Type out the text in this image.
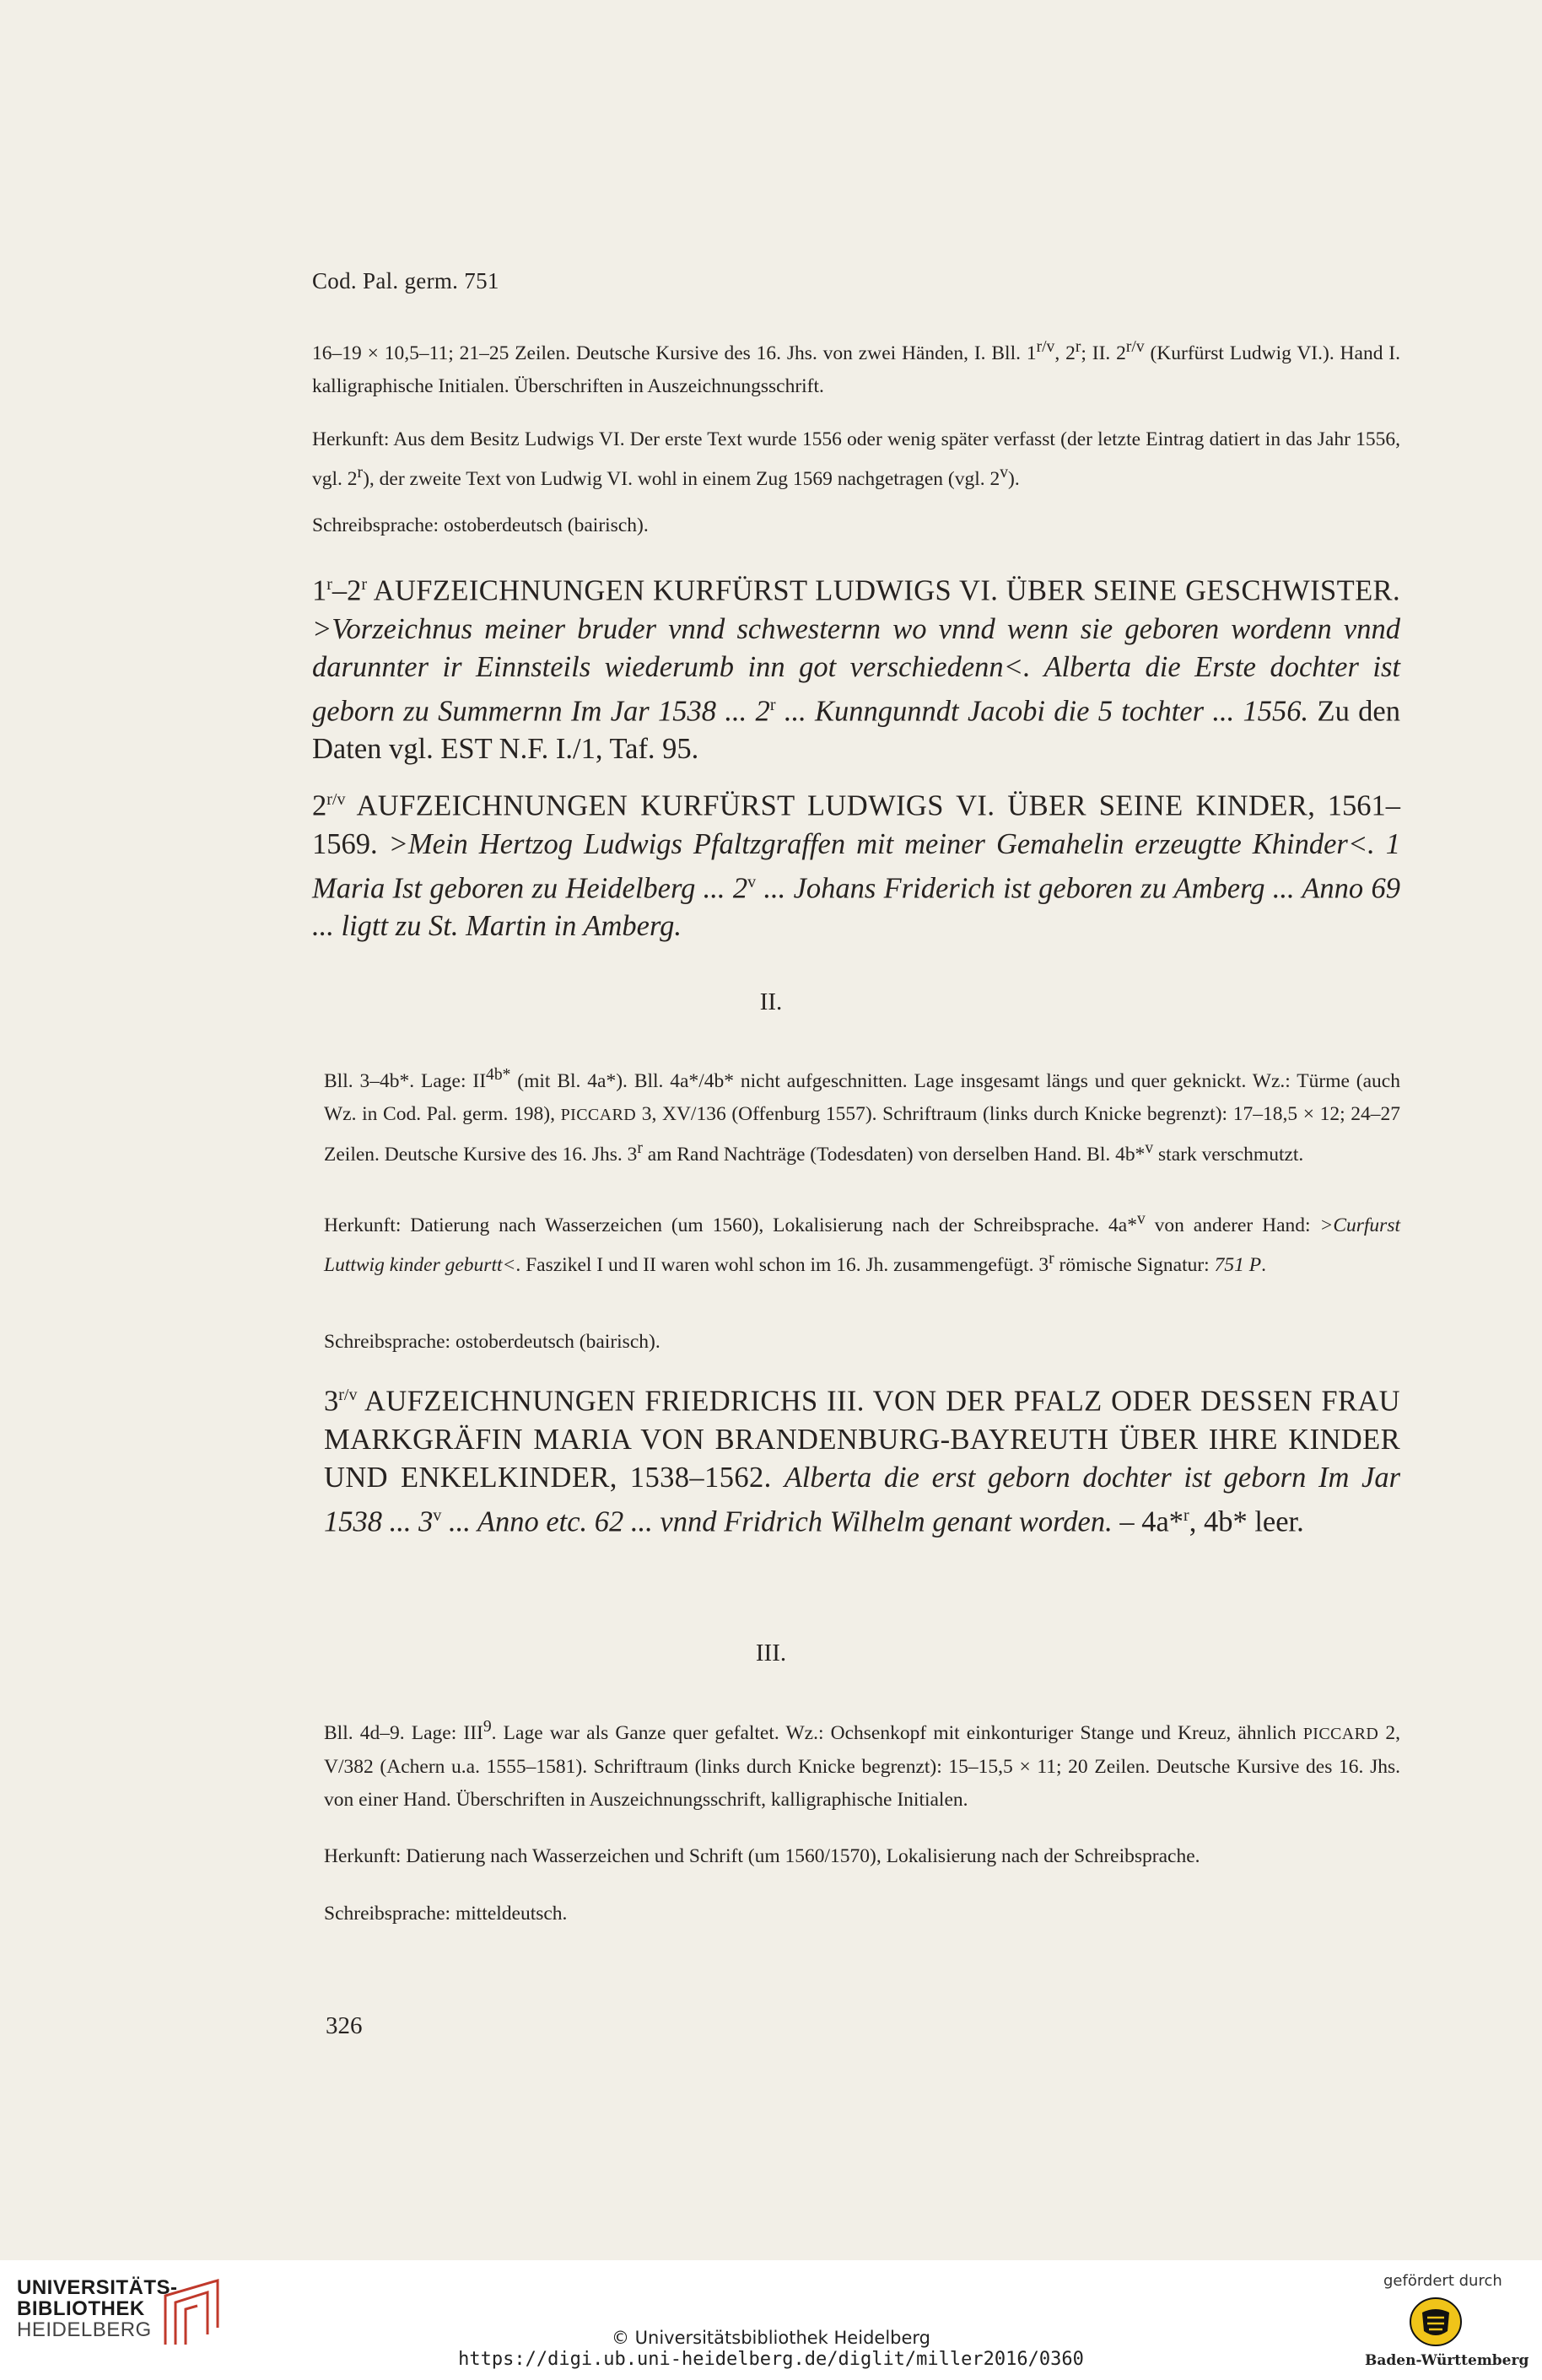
Cod. Pal. germ. 751
16–19 × 10,5–11; 21–25 Zeilen. Deutsche Kursive des 16. Jhs. von zwei Händen, I. Bll. $1^{r/v}$, 2$^r$; II. $2^{r/v}$ (Kurfürst Ludwig VI.). Hand I. kalligraphische Initialen. Überschriften in Auszeichnungsschrift.
Herkunft: Aus dem Besitz Ludwigs VI. Der erste Text wurde 1556 oder wenig später verfasst (der letzte Eintrag datiert in das Jahr 1556, vgl. 2$^r$), der zweite Text von Ludwig VI. wohl in einem Zug 1569 nachgetragen (vgl. 2$^v$).
Schreibsprache: ostoberdeutsch (bairisch).
1$^r$–2$^r$ AUFZEICHNUNGEN KURFÜRST LUDWIGS VI. ÜBER SEINE GESCHWISTER. >Vorzeichnus meiner bruder vnnd schwesternn wo vnnd wenn sie geboren wordenn vnnd darunnter ir Einnsteils wiederumb inn got verschiedenn<. Alberta die Erste dochter ist geborn zu Summernn Im Jar 1538 ... 2$^r$ ... Kunngunndt Jacobi die 5 tochter ... 1556. Zu den Daten vgl. EST N.F. I./1, Taf. 95.
$2^{r/v}$ AUFZEICHNUNGEN KURFÜRST LUDWIGS VI. ÜBER SEINE KINDER, 1561–1569. >Mein Hertzog Ludwigs Pfaltzgraffen mit meiner Gemahelin erzeugtte Khinder<. 1 Maria Ist geboren zu Heidelberg ... 2$^v$ ... Johans Friderich ist geboren zu Amberg ... Anno 69 ... ligtt zu St. Martin in Amberg.
II.
Bll. 3–4b*. Lage: $II^{4b*}$ (mit Bl. 4a*). Bll. 4a*/4b* nicht aufgeschnitten. Lage insgesamt längs und quer geknickt. Wz.: Türme (auch Wz. in Cod. Pal. germ. 198), PICCARD 3, XV/136 (Offenburg 1557). Schriftraum (links durch Knicke begrenzt): 17–18,5 × 12; 24–27 Zeilen. Deutsche Kursive des 16. Jhs. 3$^r$ am Rand Nachträge (Todesdaten) von derselben Hand. Bl. 4b*$^v$ stark verschmutzt.
Herkunft: Datierung nach Wasserzeichen (um 1560), Lokalisierung nach der Schreibsprache. 4a*$^v$ von anderer Hand: >Curfurst Luttwig kinder geburtt<. Faszikel I und II waren wohl schon im 16. Jh. zusammengefügt. 3$^r$ römische Signatur: 751 P.
Schreibsprache: ostoberdeutsch (bairisch).
$3^{r/v}$ AUFZEICHNUNGEN FRIEDRICHS III. VON DER PFALZ ODER DESSEN FRAU MARKGRÄFIN MARIA VON BRANDENBURG-BAYREUTH ÜBER IHRE KINDER UND ENKELKINDER, 1538–1562. Alberta die erst geborn dochter ist geborn Im Jar 1538 ... 3$^v$ ... Anno etc. 62 ... vnnd Fridrich Wilhelm genant worden. – 4a*$^r$, 4b* leer.
III.
Bll. 4d–9. Lage: III$^9$. Lage war als Ganze quer gefaltet. Wz.: Ochsenkopf mit einkonturiger Stange und Kreuz, ähnlich PICCARD 2, V/382 (Achern u.a. 1555–1581). Schriftraum (links durch Knicke begrenzt): 15–15,5 × 11; 20 Zeilen. Deutsche Kursive des 16. Jhs. von einer Hand. Überschriften in Auszeichnungsschrift, kalligraphische Initialen.
Herkunft: Datierung nach Wasserzeichen und Schrift (um 1560/1570), Lokalisierung nach der Schreibsprache.
Schreibsprache: mitteldeutsch.
326
UNIVERSITÄTS-
BIBLIOTHEK
HEIDELBERG	© Universitätsbibliothek Heidelberg
https://digi.ub.uni-heidelberg.de/diglit/miller2016/0360
gefördert durch
Baden-Württemberg
